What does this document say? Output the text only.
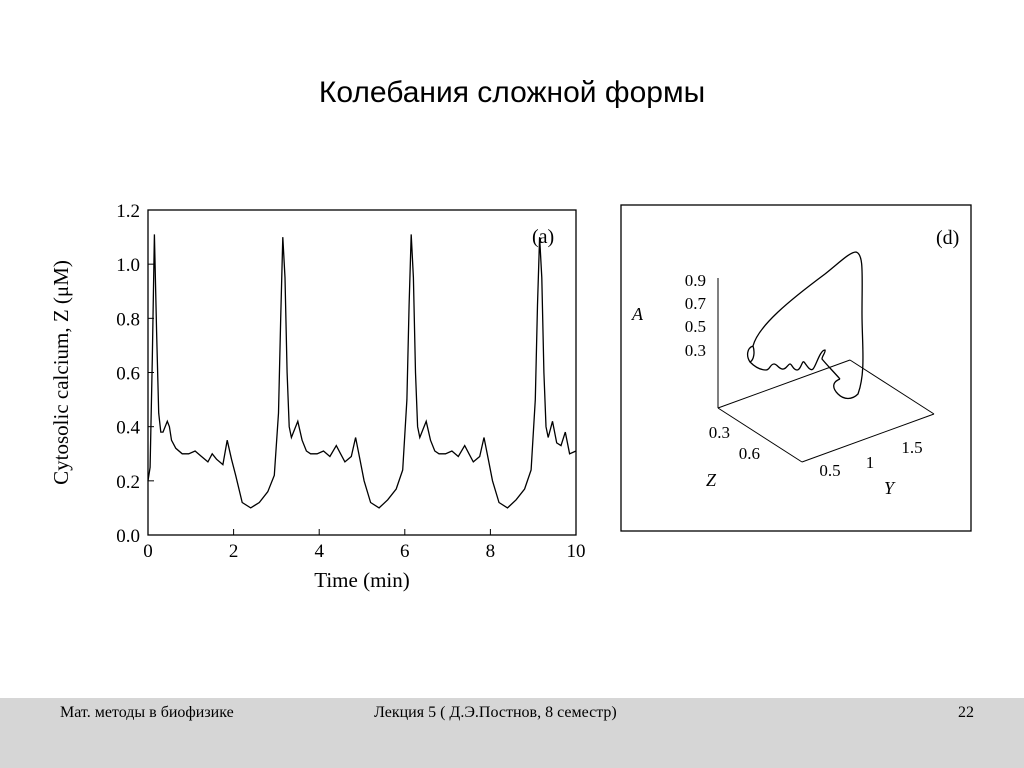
Колебания сложной формы
0.0
0.2
0.4
0.6
0.8
1.0
1.2
0	2	4	6	8	10
(a)
Time (min)
Cytosolic calcium, Z (μM)
(d)
0.9
0.7
0.5
0.3
A
0.3
0.6
Z	0.5 1
1.5
Y
Мат. методы в биофизике	Лекция 5 ( Д.Э.Постнов, 8 семестр)	22
